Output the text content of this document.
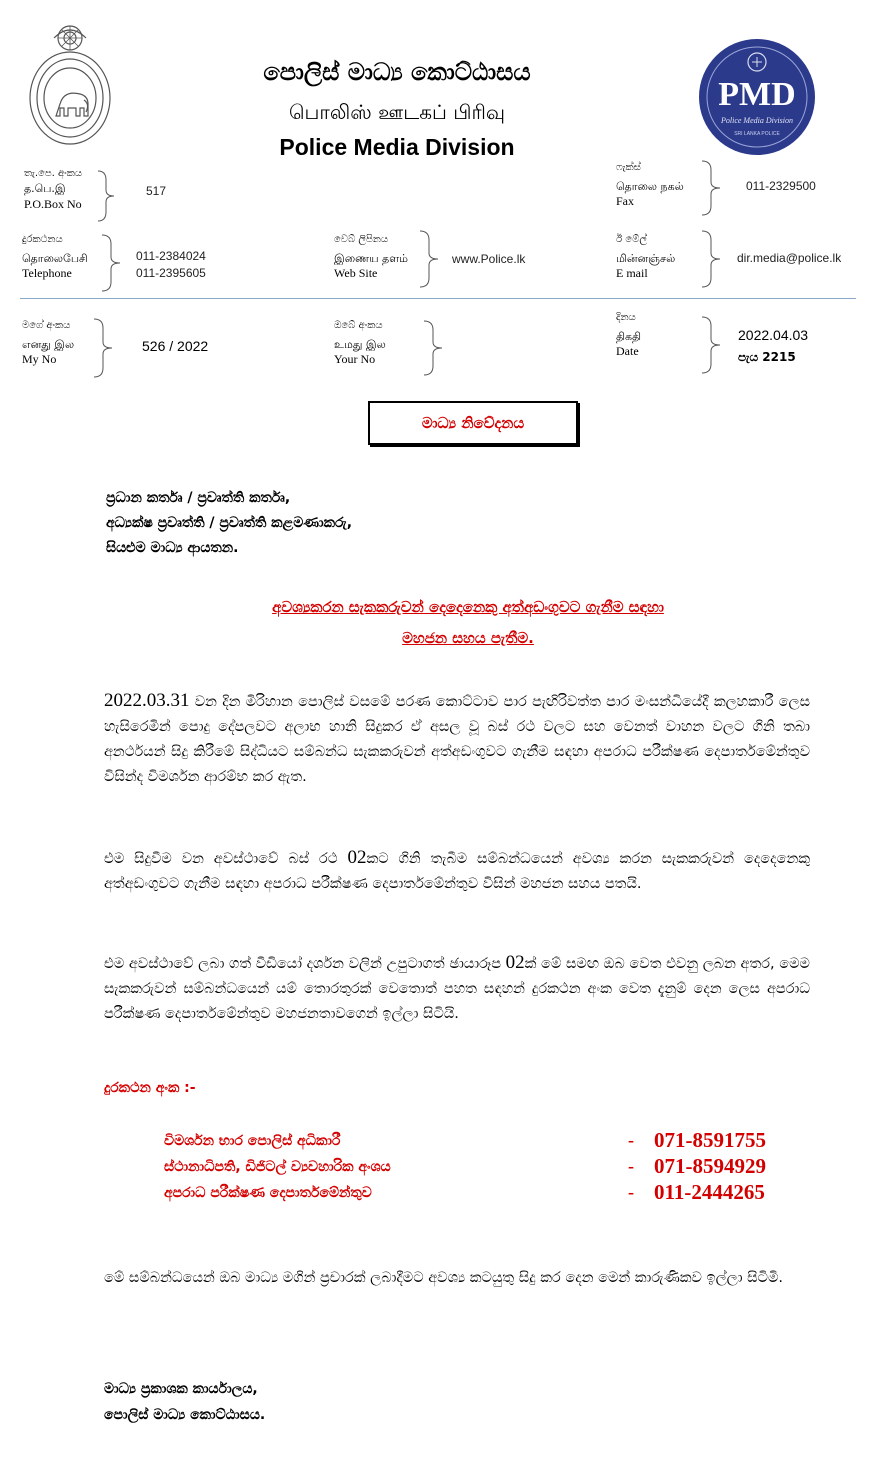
පොලිස් මාධ්‍ය කොට්ඨාසය
பொலிஸ் ஊடகப் பிரிவு
Police Media Division
PMD
Police Media Division
SRI LANKA POLICE
තැ.පෙ. අංකය
த.பெ.இ
P.O.Box No
517
ෆැක්ස්
தொலை நகல்
Fax
011-2329500
දුරකථනය
தொலைபேசி
Telephone
011-2384024
011-2395605
වෙබ් ලිපිනය
இணைய தளம்
Web Site
www.Police.lk
ඊ මේල්
மின்னஞ்சல்
E mail
dir.media@police.lk
මගේ අංකය
எனது இல
My No
526 / 2022
ඔබේ අංකය
உமது இல
Your No
දිනය
திகதி
Date
2022.04.03
පැය 2215
මාධ්‍ය නිවේදනය
ප්‍රධාන කර්තෘ / ප්‍රවෘත්ති කර්තෘ,
අධ්‍යක්ෂ ප්‍රවෘත්ති / ප්‍රවෘත්ති කළමණාකරු,
සියළුම මාධ්‍ය ආයතන.
අවශ්‍යකරන සැකකරුවන් දෙදෙනෙකු අත්අඩංගුවට ගැනීම සඳහා
මහජන සහය පැතීම.
2022.03.31 වන දින මිරිහාන පොලිස් වසමේ පරණ කොට්ටාව පාර පැඟිරිවත්ත පාර මංසන්ධියේදී කලහකාරී ලෙස හැසිරෙමින් පොදු දේපලවට අලාභ හානි සිදුකර ඒ අසල වූ බස් රථ වලට සහ වෙනත් වාහන වලට ගිනි තබා අනර්ථයන් සිදු කිරීමේ සිද්ධියට සම්බන්ධ සැකකරුවන් අත්අඩංගුවට ගැනීම සඳහා අපරාධ පරීක්ෂණ දෙපාර්තමේන්තුව විසින්ද විමර්ශන ආරම්භ කර ඇත.
එම සිදුවීම වන අවස්ථාවේ බස් රථ 02කට ගිනි තැබීම සම්බන්ධයෙන් අවශ්‍ය කරන සැකකරුවන් දෙදෙනෙකු අත්අඩංගුවට ගැනීම සඳහා අපරාධ පරීක්ෂණ දෙපාර්තමේන්තුව විසින් මහජන සහය පතයි.
එම අවස්ථාවේ ලබා ගත් වීඩියෝ දර්ශන වලින් උපුටාගත් ඡායාරූප 02ක් මේ සමඟ ඔබ වෙත එවනු ලබන අතර, මෙම සැකකරුවන් සම්බන්ධයෙන් යම් තොරතුරක් වෙතොත් පහත සඳහන් දුරකථන අංක වෙත දැනුම් දෙන ලෙස අපරාධ පරීක්ෂණ දෙපාර්තමේන්තුව මහජනතාවගෙන් ඉල්ලා සිටියි.
දුරකථන අංක :-
විමර්ශන භාර පොලිස් අධිකාරී	- 071-8591755
ස්ථානාධිපති, ඩිජිටල් ව්‍යවහාරික අංශය	- 071-8594929
අපරාධ පරීක්ෂණ දෙපාර්තමේන්තුව	- 011-2444265
මේ සම්බන්ධයෙන් ඔබ මාධ්‍ය මගින් ප්‍රචාරක් ලබාදීමට අවශ්‍ය කටයුතු සිදු කර දෙන මෙන් කාරුණිකව ඉල්ලා සිටිමි.
මාධ්‍ය ප්‍රකාශක කාර්යාලය,
පොලිස් මාධ්‍ය කොට්ඨාසය.
